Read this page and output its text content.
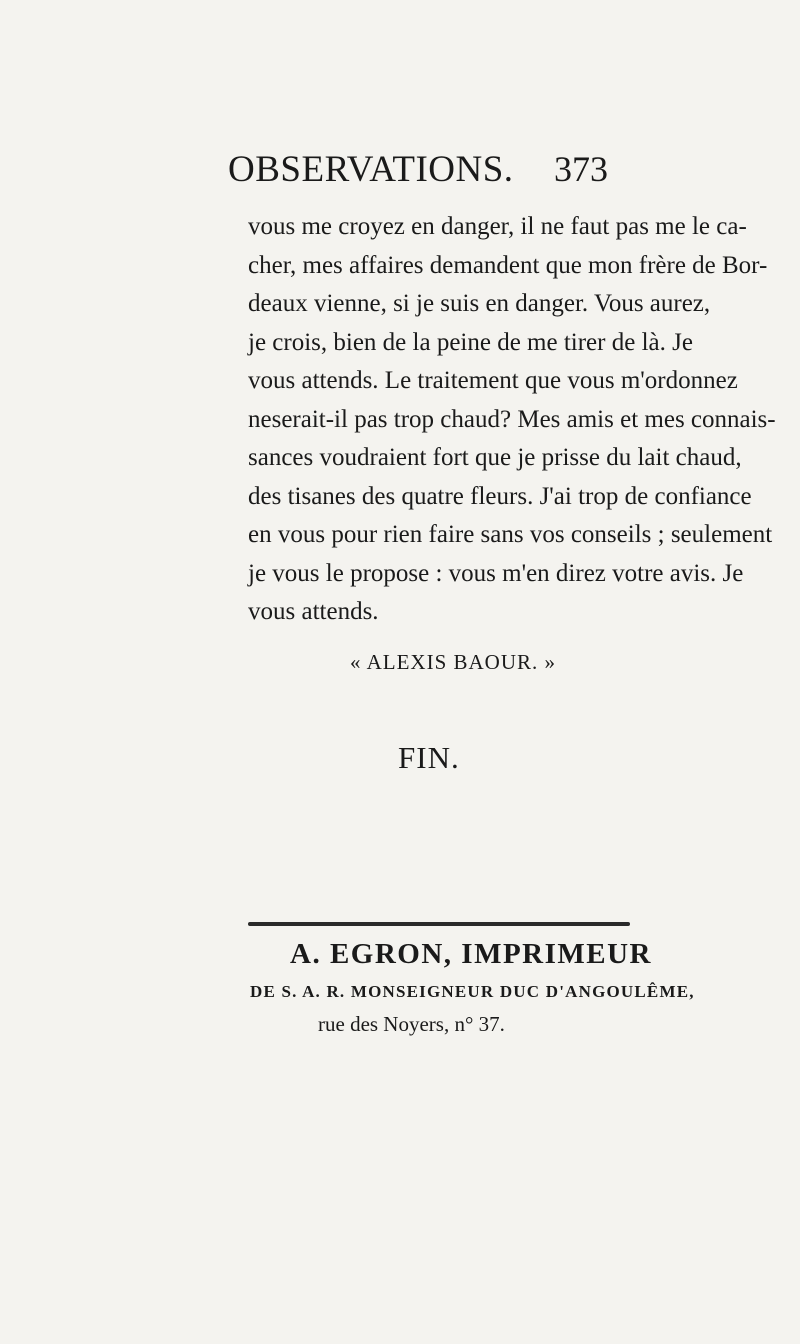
OBSERVATIONS. 373
vous me croyez en danger, il ne faut pas me le ca-
cher, mes affaires demandent que mon frère de Bor-
deaux vienne, si je suis en danger. Vous aurez,
je crois, bien de la peine de me tirer de là. Je
vous attends. Le traitement que vous m'ordonnez
neserait-il pas trop chaud? Mes amis et mes connais-
sances voudraient fort que je prisse du lait chaud,
des tisanes des quatre fleurs. J'ai trop de confiance
en vous pour rien faire sans vos conseils ; seulement
je vous le propose : vous m'en direz votre avis. Je
vous attends.
« ALEXIS BAOUR. »
FIN.
A. EGRON, IMPRIMEUR
DE S. A. R. MONSEIGNEUR DUC D'ANGOULÊME,
rue des Noyers, n° 37.
